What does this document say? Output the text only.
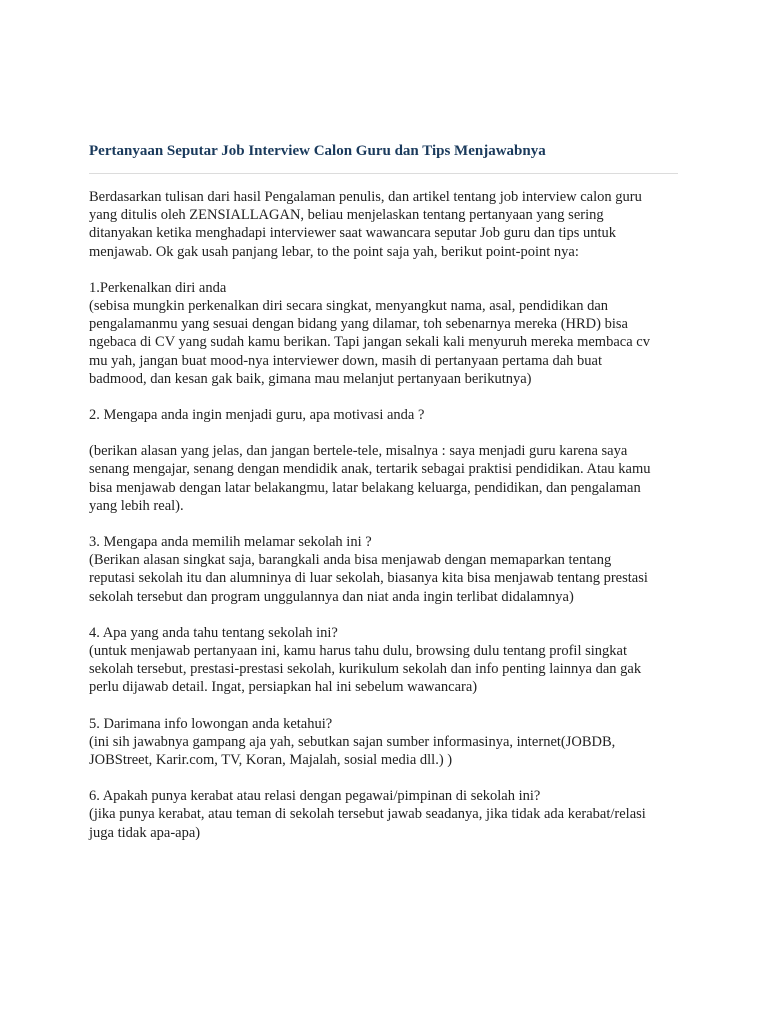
Pertanyaan Seputar Job Interview Calon Guru dan Tips Menjawabnya

Berdasarkan tulisan dari hasil Pengalaman penulis, dan artikel tentang job interview calon guru
yang ditulis oleh ZENSIALLAGAN, beliau menjelaskan tentang pertanyaan yang sering
ditanyakan ketika menghadapi interviewer saat wawancara seputar Job guru dan tips untuk
menjawab. Ok gak usah panjang lebar, to the point saja yah, berikut point-point nya:

1.Perkenalkan diri anda
(sebisa mungkin perkenalkan diri secara singkat, menyangkut nama, asal, pendidikan dan
pengalamanmu yang sesuai dengan bidang yang dilamar, toh sebenarnya mereka (HRD) bisa
ngebaca di CV yang sudah kamu berikan. Tapi jangan sekali kali menyuruh mereka membaca cv
mu yah, jangan buat mood-nya interviewer down, masih di pertanyaan pertama dah buat
badmood, dan kesan gak baik, gimana mau melanjut pertanyaan berikutnya)

2. Mengapa anda ingin menjadi guru, apa motivasi anda ?

(berikan alasan yang jelas, dan jangan bertele-tele, misalnya : saya menjadi guru karena saya
senang mengajar, senang dengan mendidik anak, tertarik sebagai praktisi pendidikan. Atau kamu
bisa menjawab dengan latar belakangmu, latar belakang keluarga, pendidikan, dan pengalaman
yang lebih real).

3. Mengapa anda memilih melamar sekolah ini ?
(Berikan alasan singkat saja, barangkali anda bisa menjawab dengan memaparkan tentang
reputasi sekolah itu dan alumninya di luar sekolah, biasanya kita bisa menjawab tentang prestasi
sekolah tersebut dan program unggulannya dan niat anda ingin terlibat didalamnya)

4. Apa yang anda tahu tentang sekolah ini?
(untuk menjawab pertanyaan ini, kamu harus tahu dulu, browsing dulu tentang profil singkat
sekolah tersebut, prestasi-prestasi sekolah, kurikulum sekolah dan info penting lainnya dan gak
perlu dijawab detail. Ingat, persiapkan hal ini sebelum wawancara)

5. Darimana info lowongan anda ketahui?
(ini sih jawabnya gampang aja yah, sebutkan sajan sumber informasinya, internet(JOBDB,
JOBStreet, Karir.com, TV, Koran, Majalah, sosial media dll.) )

6. Apakah punya kerabat atau relasi dengan pegawai/pimpinan di sekolah ini?
(jika punya kerabat, atau teman di sekolah tersebut jawab seadanya, jika tidak ada kerabat/relasi
juga tidak apa-apa)
